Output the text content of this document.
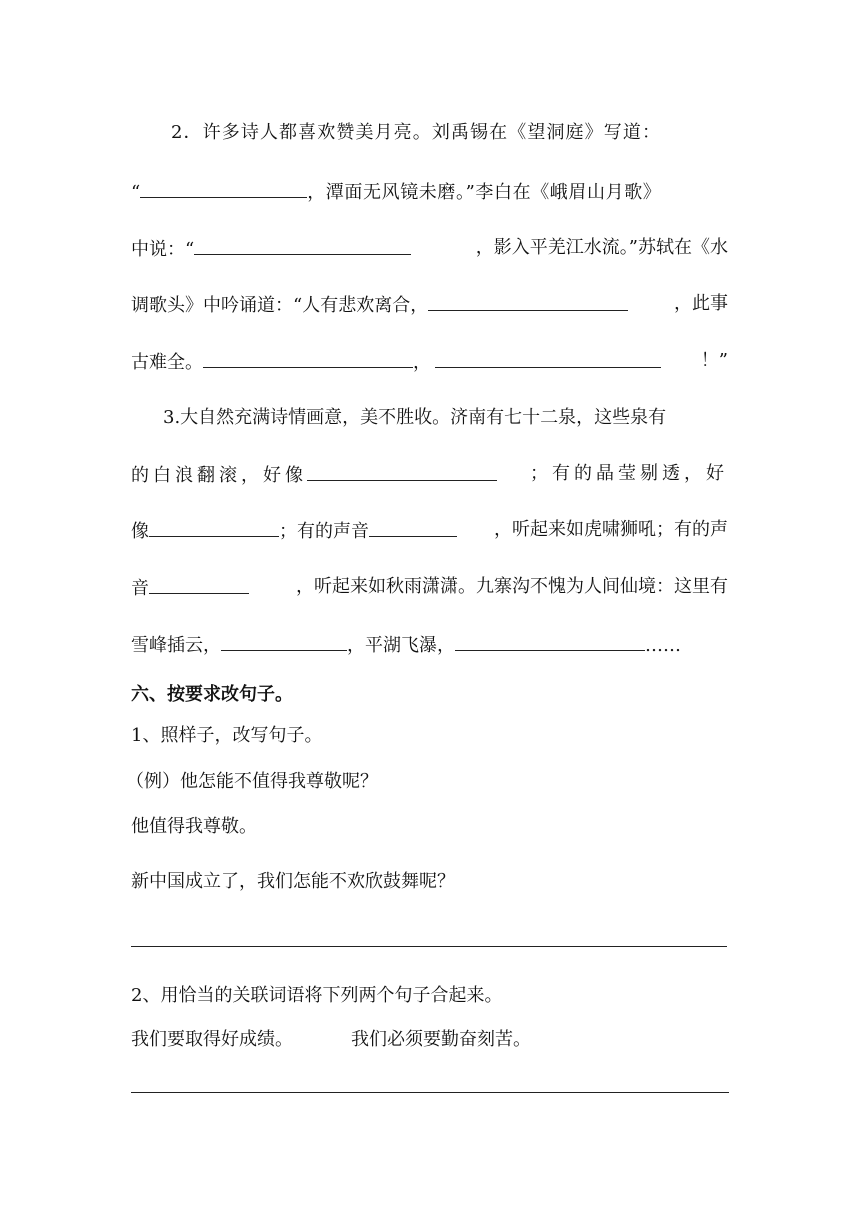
2．许多诗人都喜欢赞美月亮。刘禹锡在《望洞庭》写道：
“	，潭面无风镜未磨。”李白在《峨眉山月歌》
中说：“	，影入平羌江水流。”苏轼在《水
调歌头》中吟诵道：“人有悲欢离合，	，此事
古难全。	，	！”
3.大自然充满诗情画意，美不胜收。济南有七十二泉，这些泉有
的白浪翻滚，好像	；有的晶莹剔透，好
像	；有的声音	，听起来如虎啸狮吼；有的声
音	，听起来如秋雨潇潇。九寨沟不愧为人间仙境：这里有
雪峰插云，	，平湖飞瀑，	……
六、按要求改句子。
1、照样子，改写句子。
（例）他怎能不值得我尊敬呢？
他值得我尊敬。
新中国成立了，我们怎能不欢欣鼓舞呢？
2、用恰当的关联词语将下列两个句子合起来。
我们要取得好成绩。	我们必须要勤奋刻苦。
